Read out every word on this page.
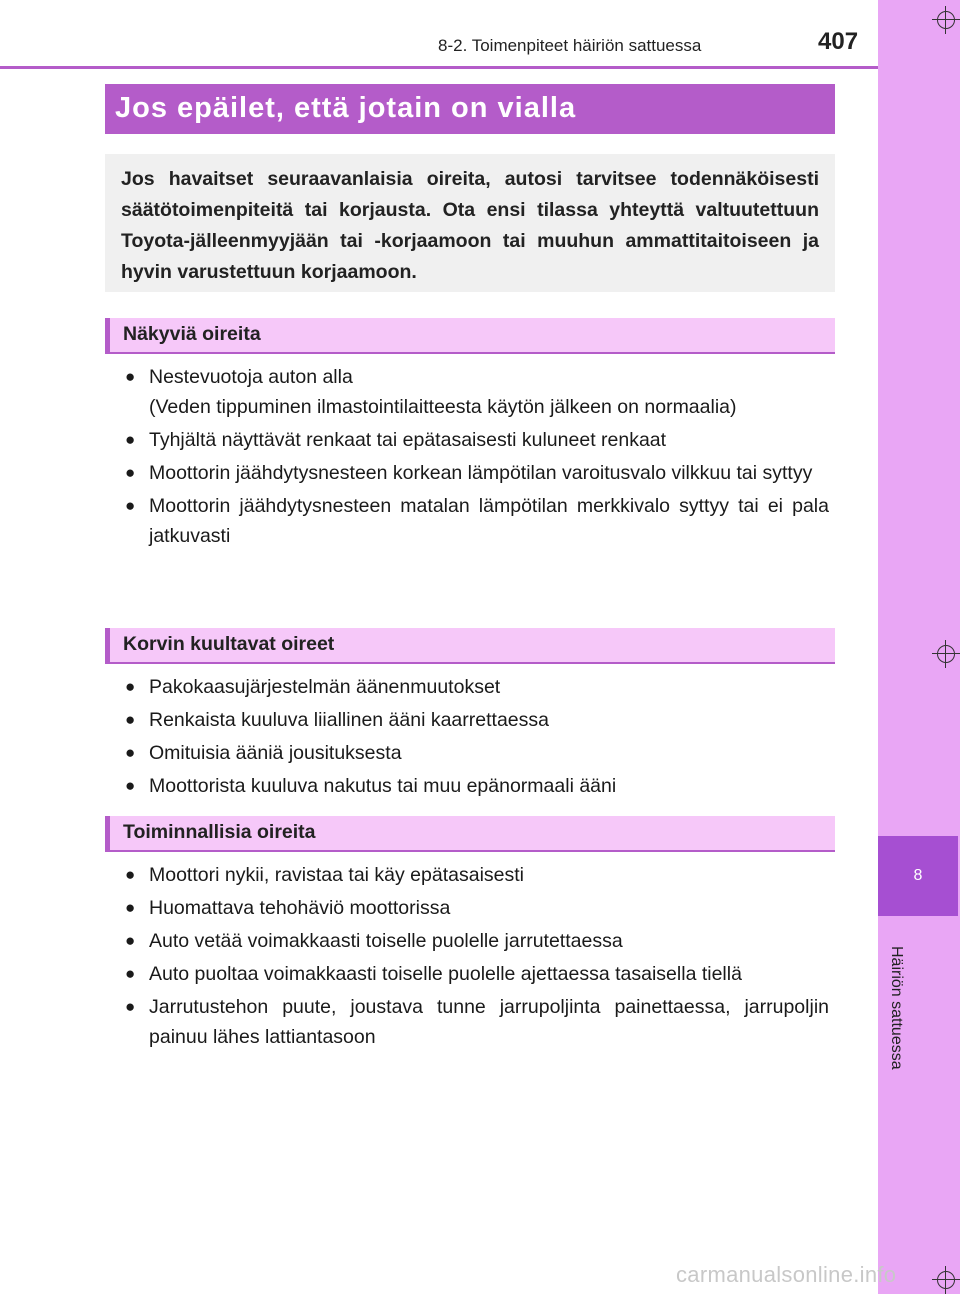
8-2. Toimenpiteet häiriön sattuessa	407
8
Häiriön sattuessa
Jos epäilet, että jotain on vialla

Jos havaitset seuraavanlaisia oireita, autosi tarvitsee todennäköisesti säätötoimenpiteitä tai korjausta. Ota ensi tilassa yhteyttä valtuutettuun Toyota-jälleenmyyjään tai -korjaamoon tai muuhun ammattitaitoiseen ja hyvin varustettuun korjaamoon.

Näkyviä oireita
● Nestevuotoja auton alla
(Veden tippuminen ilmastointilaitteesta käytön jälkeen on normaalia)
● Tyhjältä näyttävät renkaat tai epätasaisesti kuluneet renkaat
● Moottorin jäähdytysnesteen korkean lämpötilan varoitusvalo vilkkuu tai syttyy
● Moottorin jäähdytysnesteen matalan lämpötilan merkkivalo syttyy tai ei pala jatkuvasti
Korvin kuultavat oireet
● Pakokaasujärjestelmän äänenmuutokset
● Renkaista kuuluva liiallinen ääni kaarrettaessa
● Omituisia ääniä jousituksesta
● Moottorista kuuluva nakutus tai muu epänormaali ääni
Toiminnallisia oireita
● Moottori nykii, ravistaa tai käy epätasaisesti
● Huomattava tehohäviö moottorissa
● Auto vetää voimakkaasti toiselle puolelle jarrutettaessa
● Auto puoltaa voimakkaasti toiselle puolelle ajettaessa tasaisella tiellä
● Jarrutustehon puute, joustava tunne jarrupoljinta painettaessa, jarrupoljin painuu lähes lattiantasoon
carmanualsonline.info
